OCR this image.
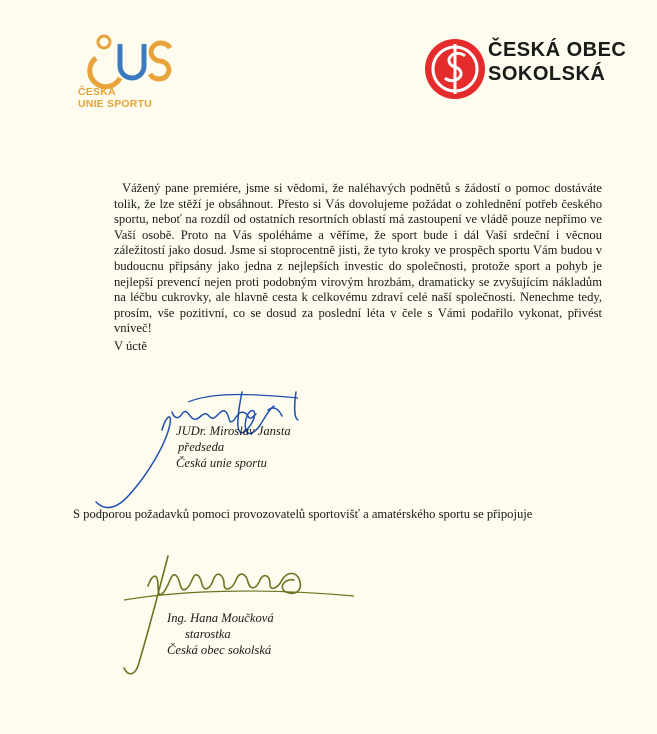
ČESKÁ
UNIE SPORTU
ČESKÁ OBEC
SOKOLSKÁ

Vážený pane premiére, jsme si vědomi, že naléhavých podnětů s žádostí o pomoc dostáváte tolik, že lze stěží je obsáhnout. Přesto si Vás dovolujeme požádat o zohlednění potřeb českého sportu, neboť na rozdíl od ostatních resortních oblastí má zastoupení ve vládě pouze nepřímo ve Vaší osobě. Proto na Vás spoléháme a věříme, že sport bude i dál Vaší srdeční i věcnou záležitostí jako dosud. Jsme si stoprocentně jisti, že tyto kroky ve prospěch sportu Vám budou v budoucnu připsány jako jedna z nejlepších investic do společnosti, protože sport a pohyb je nejlepší prevencí nejen proti podobným virovým hrozbám, dramaticky se zvyšujícím nákladům na léčbu cukrovky, ale hlavně cesta k celkovému zdraví celé naší společnosti. Nenechme tedy, prosím, vše pozitivní, co se dosud za poslední léta v čele s Vámi podařilo vykonat, přivést vniveč!

V úctě
JUDr. Miroslav Jansta
předseda
Česká unie sportu
S podporou požadavků pomoci provozovatelů sportovišť a amatérského sportu se připojuje
Ing. Hana Moučková
starostka
Česká obec sokolská
